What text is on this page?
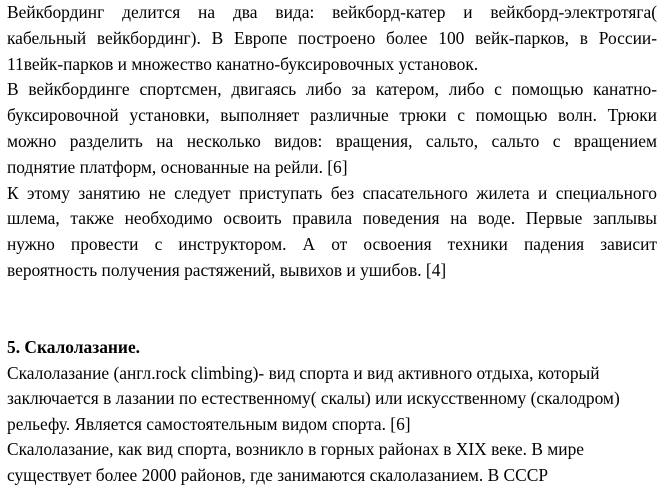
Вейкбординг делится на два вида: вейкборд-катер и вейкборд-электротяга(
кабельный вейкбординг). В Европе построено более 100 вейк-парков, в России-
11вейк-парков и множество канатно-буксировочных установок.
В вейкбординге спортсмен, двигаясь либо за катером, либо с помощью канатно-
буксировочной установки, выполняет различные трюки с помощью волн. Трюки
можно разделить на несколько видов: вращения, сальто, сальто с вращением
поднятие платформ, основанные на рейли. [6]
К этому занятию не следует приступать без спасательного жилета и специального
шлема, также необходимо освоить правила поведения на воде. Первые заплывы
нужно провести с инструктором. А от освоения техники падения зависит
вероятность получения растяжений, вывихов и ушибов. [4]
5. Скалолазание.
Скалолазание (англ.rock climbing)- вид спорта и вид активного отдыха, который
заключается в лазании по естественному( скалы) или искусственному (скалодром)
рельефу. Является самостоятельным видом спорта. [6]
Скалолазание, как вид спорта, возникло в горных районах в XIX веке. В мире
существует более 2000 районов, где занимаются скалолазанием. В СССР
